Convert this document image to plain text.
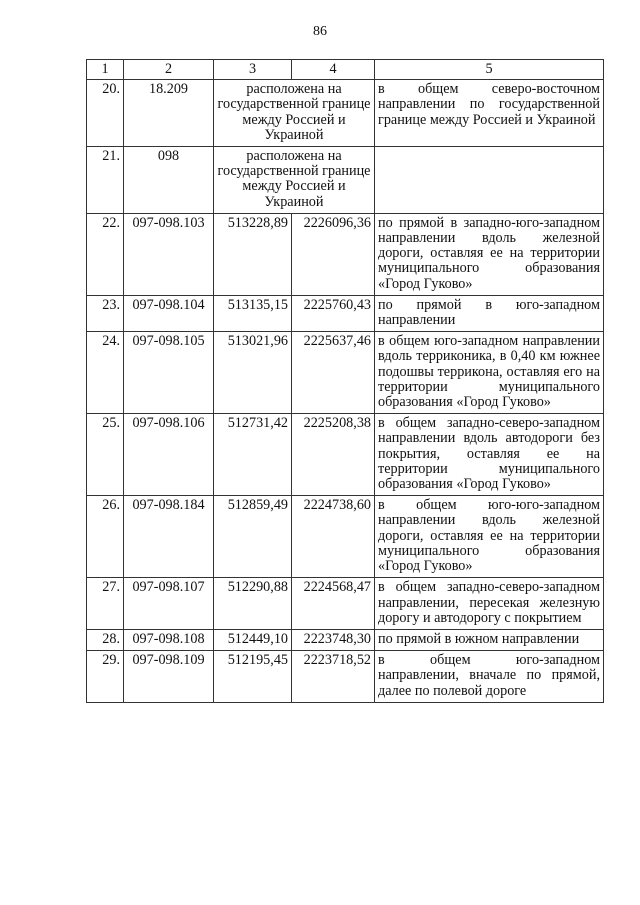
86
1	2	3	4	5
20.	18.209	расположена на государственной границе между Россией и Украиной		в общем северо-восточном направлении по государственной границе между Россией и Украиной
21.	098	расположена на государственной границе между Россией и Украиной		
22.	097-098.103	513228,89	2226096,36	по прямой в западно-юго-западном направлении вдоль железной дороги, оставляя ее на территории муниципального образования «Город Гуково»
23.	097-098.104	513135,15	2225760,43	по прямой в юго-западном направлении
24.	097-098.105	513021,96	2225637,46	в общем юго-западном направлении вдоль терриконика, в 0,40 км южнее подошвы терриконa, оставляя его на территории муниципального образования «Город Гуково»
25.	097-098.106	512731,42	2225208,38	в общем западно-северо-западном направлении вдоль автодороги без покрытия, оставляя ее на территории муниципального образования «Город Гуково»
26.	097-098.184	512859,49	2224738,60	в общем юго-юго-западном направлении вдоль железной дороги, оставляя ее на территории муниципального образования «Город Гуково»
27.	097-098.107	512290,88	2224568,47	в общем западно-северо-западном направлении, пересекая железную дорогу и автодорогу с покрытием
28.	097-098.108	512449,10	2223748,30	по прямой в южном направлении
29.	097-098.109	512195,45	2223718,52	в общем юго-западном направлении, вначале по прямой, далее по полевой дороге
